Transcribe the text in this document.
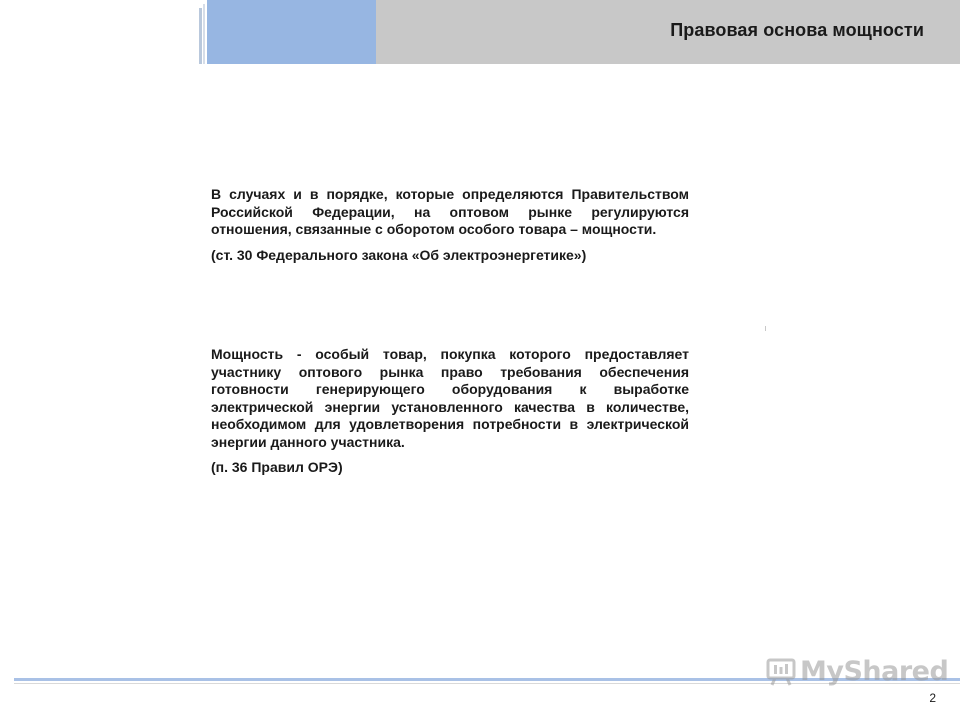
Правовая основа мощности

В случаях и в порядке, которые определяются Правительством Российской Федерации, на оптовом рынке регулируются отношения, связанные с оборотом особого товара – мощности.

(ст. 30 Федерального закона «Об электроэнергетике»)

Мощность - особый товар, покупка которого предоставляет участнику оптового рынка право требования обеспечения готовности генерирующего оборудования к выработке электрической энергии установленного качества в количестве, необходимом для удовлетворения потребности в электрической энергии данного участника.

(п. 36 Правил ОРЭ)

MyShared
2
